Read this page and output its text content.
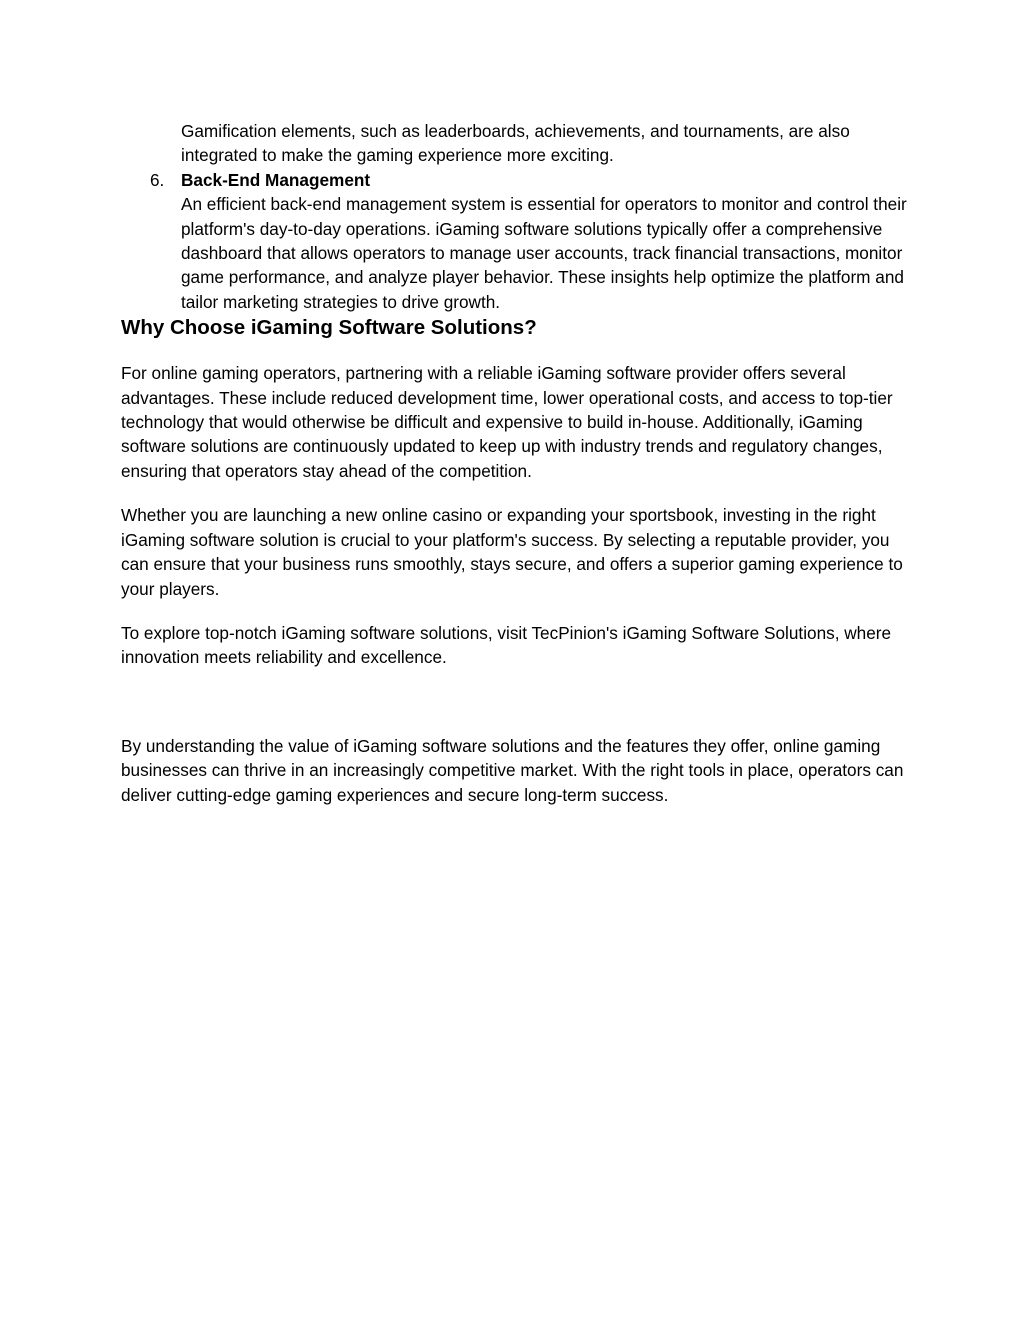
Gamification elements, such as leaderboards, achievements, and tournaments, are also integrated to make the gaming experience more exciting.

6. Back-End Management

An efficient back-end management system is essential for operators to monitor and control their platform's day-to-day operations. iGaming software solutions typically offer a comprehensive dashboard that allows operators to manage user accounts, track financial transactions, monitor game performance, and analyze player behavior. These insights help optimize the platform and tailor marketing strategies to drive growth.

Why Choose iGaming Software Solutions?

For online gaming operators, partnering with a reliable iGaming software provider offers several advantages. These include reduced development time, lower operational costs, and access to top-tier technology that would otherwise be difficult and expensive to build in-house. Additionally, iGaming software solutions are continuously updated to keep up with industry trends and regulatory changes, ensuring that operators stay ahead of the competition.

Whether you are launching a new online casino or expanding your sportsbook, investing in the right iGaming software solution is crucial to your platform's success. By selecting a reputable provider, you can ensure that your business runs smoothly, stays secure, and offers a superior gaming experience to your players.

To explore top-notch iGaming software solutions, visit TecPinion's iGaming Software Solutions, where innovation meets reliability and excellence.

By understanding the value of iGaming software solutions and the features they offer, online gaming businesses can thrive in an increasingly competitive market. With the right tools in place, operators can deliver cutting-edge gaming experiences and secure long-term success.
